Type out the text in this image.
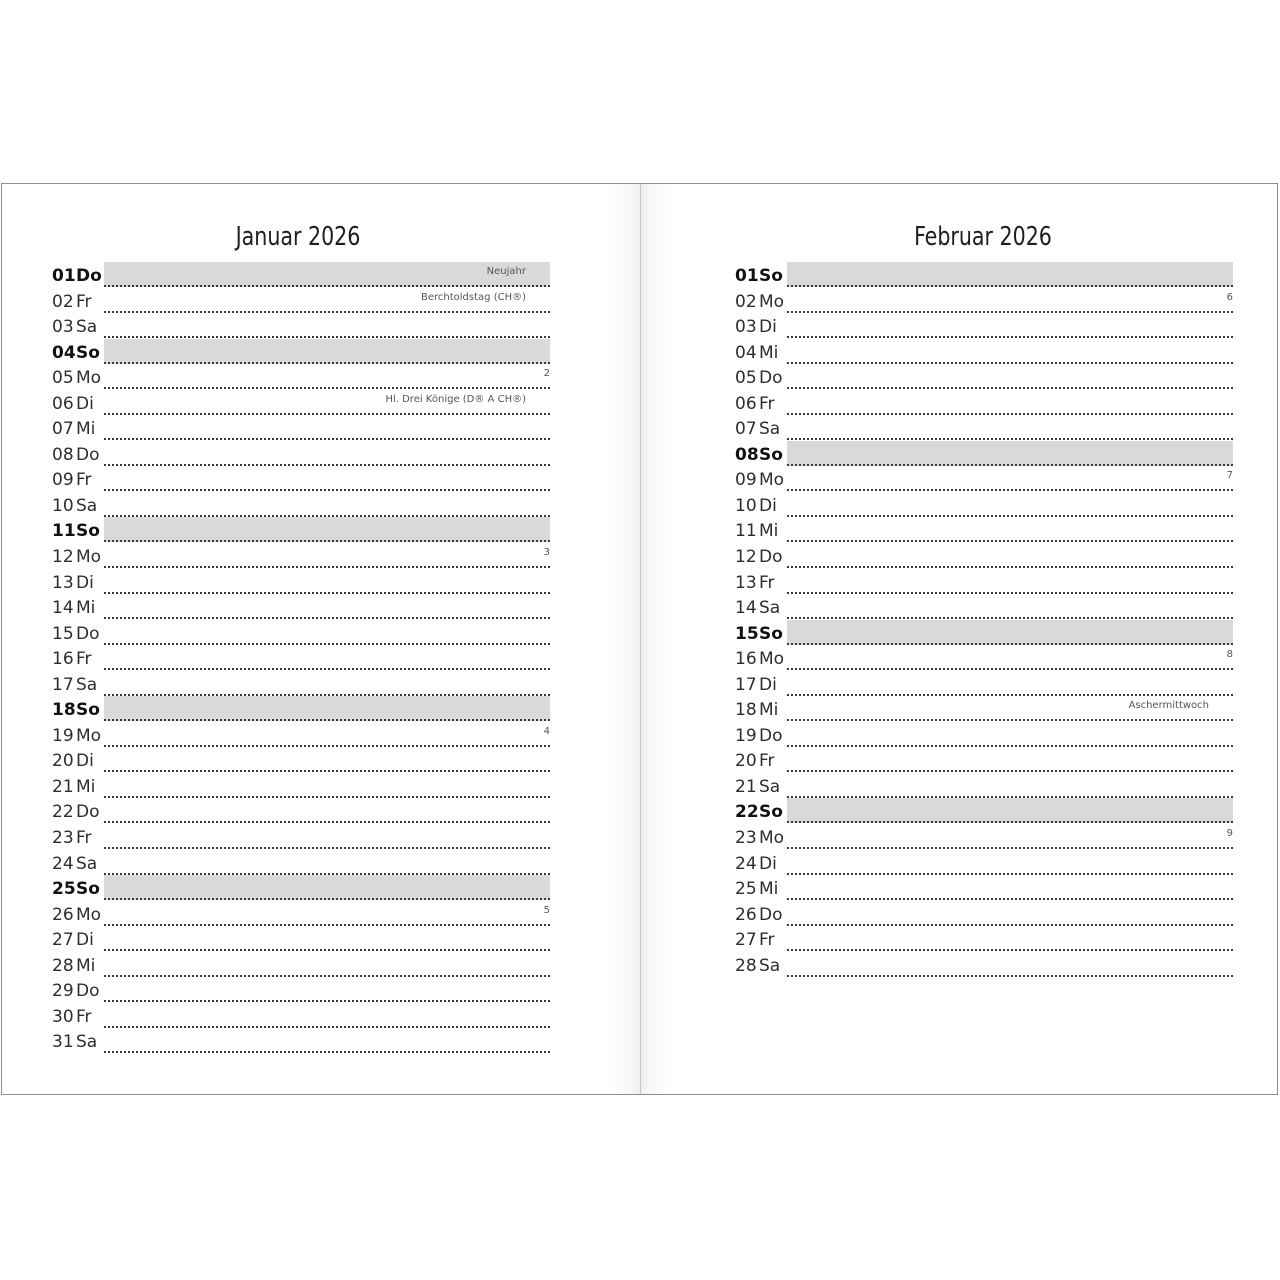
Januar 2026
01 Do	Neujahr
02 Fr	Berchtoldstag (CH®)
03 Sa
04 So
05 Mo	2
06 Di	Hl. Drei Könige (D® A CH®)
07 Mi
08 Do
09 Fr
10 Sa
11 So
12 Mo	3
13 Di
14 Mi
15 Do
16 Fr
17 Sa
18 So
19 Mo	4
20 Di
21 Mi
22 Do
23 Fr
24 Sa
25 So
26 Mo	5
27 Di
28 Mi
29 Do
30 Fr
31 Sa
Februar 2026
01 So
02 Mo	6
03 Di
04 Mi
05 Do
06 Fr
07 Sa
08 So
09 Mo	7
10 Di
11 Mi
12 Do
13 Fr
14 Sa
15 So
16 Mo	8
17 Di
18 Mi	Aschermittwoch
19 Do
20 Fr
21 Sa
22 So
23 Mo	9
24 Di
25 Mi
26 Do
27 Fr
28 Sa
